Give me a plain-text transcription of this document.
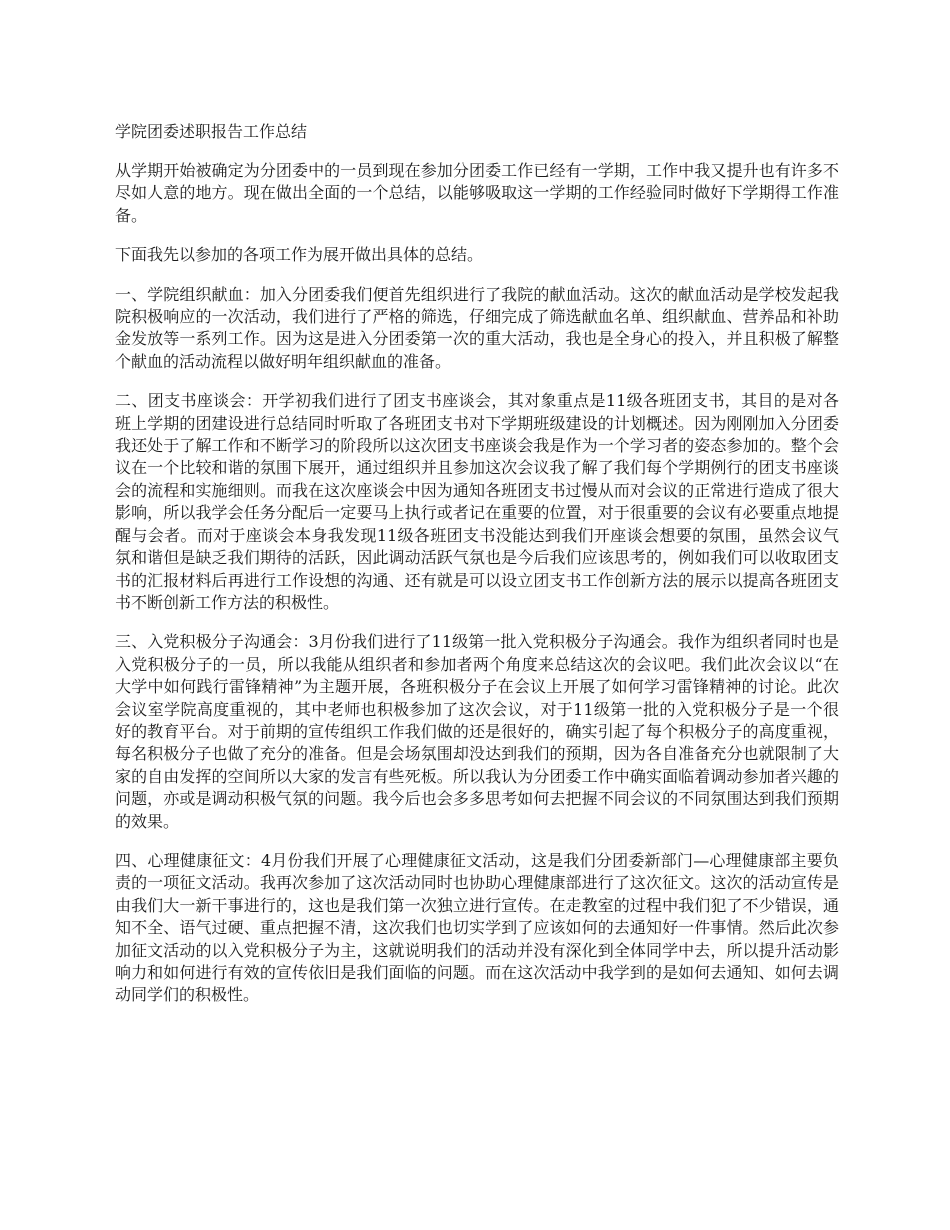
学院团委述职报告工作总结

从学期开始被确定为分团委中的一员到现在参加分团委工作已经有一学期，工作中我又提升也有许多不尽如人意的地方。现在做出全面的一个总结，以能够吸取这一学期的工作经验同时做好下学期得工作准备。

下面我先以参加的各项工作为展开做出具体的总结。

一、学院组织献血：加入分团委我们便首先组织进行了我院的献血活动。这次的献血活动是学校发起我院积极响应的一次活动，我们进行了严格的筛选，仔细完成了筛选献血名单、组织献血、营养品和补助金发放等一系列工作。因为这是进入分团委第一次的重大活动，我也是全身心的投入，并且积极了解整个献血的活动流程以做好明年组织献血的准备。

二、团支书座谈会：开学初我们进行了团支书座谈会，其对象重点是11级各班团支书，其目的是对各班上学期的团建设进行总结同时听取了各班团支书对下学期班级建设的计划概述。因为刚刚加入分团委我还处于了解工作和不断学习的阶段所以这次团支书座谈会我是作为一个学习者的姿态参加的。整个会议在一个比较和谐的氛围下展开，通过组织并且参加这次会议我了解了我们每个学期例行的团支书座谈会的流程和实施细则。而我在这次座谈会中因为通知各班团支书过慢从而对会议的正常进行造成了很大影响，所以我学会任务分配后一定要马上执行或者记在重要的位置，对于很重要的会议有必要重点地提醒与会者。而对于座谈会本身我发现11级各班团支书没能达到我们开座谈会想要的氛围，虽然会议气氛和谐但是缺乏我们期待的活跃，因此调动活跃气氛也是今后我们应该思考的，例如我们可以收取团支书的汇报材料后再进行工作设想的沟通、还有就是可以设立团支书工作创新方法的展示以提高各班团支书不断创新工作方法的积极性。

三、入党积极分子沟通会：3月份我们进行了11级第一批入党积极分子沟通会。我作为组织者同时也是入党积极分子的一员，所以我能从组织者和参加者两个角度来总结这次的会议吧。我们此次会议以“在大学中如何践行雷锋精神”为主题开展，各班积极分子在会议上开展了如何学习雷锋精神的讨论。此次会议室学院高度重视的，其中老师也积极参加了这次会议，对于11级第一批的入党积极分子是一个很好的教育平台。对于前期的宣传组织工作我们做的还是很好的，确实引起了每个积极分子的高度重视，每名积极分子也做了充分的准备。但是会场氛围却没达到我们的预期，因为各自准备充分也就限制了大家的自由发挥的空间所以大家的发言有些死板。所以我认为分团委工作中确实面临着调动参加者兴趣的问题，亦或是调动积极气氛的问题。我今后也会多多思考如何去把握不同会议的不同氛围达到我们预期的效果。

四、心理健康征文：4月份我们开展了心理健康征文活动，这是我们分团委新部门—心理健康部主要负责的一项征文活动。我再次参加了这次活动同时也协助心理健康部进行了这次征文。这次的活动宣传是由我们大一新干事进行的，这也是我们第一次独立进行宣传。在走教室的过程中我们犯了不少错误，通知不全、语气过硬、重点把握不清，这次我们也切实学到了应该如何的去通知好一件事情。然后此次参加征文活动的以入党积极分子为主，这就说明我们的活动并没有深化到全体同学中去，所以提升活动影响力和如何进行有效的宣传依旧是我们面临的问题。而在这次活动中我学到的是如何去通知、如何去调动同学们的积极性。
